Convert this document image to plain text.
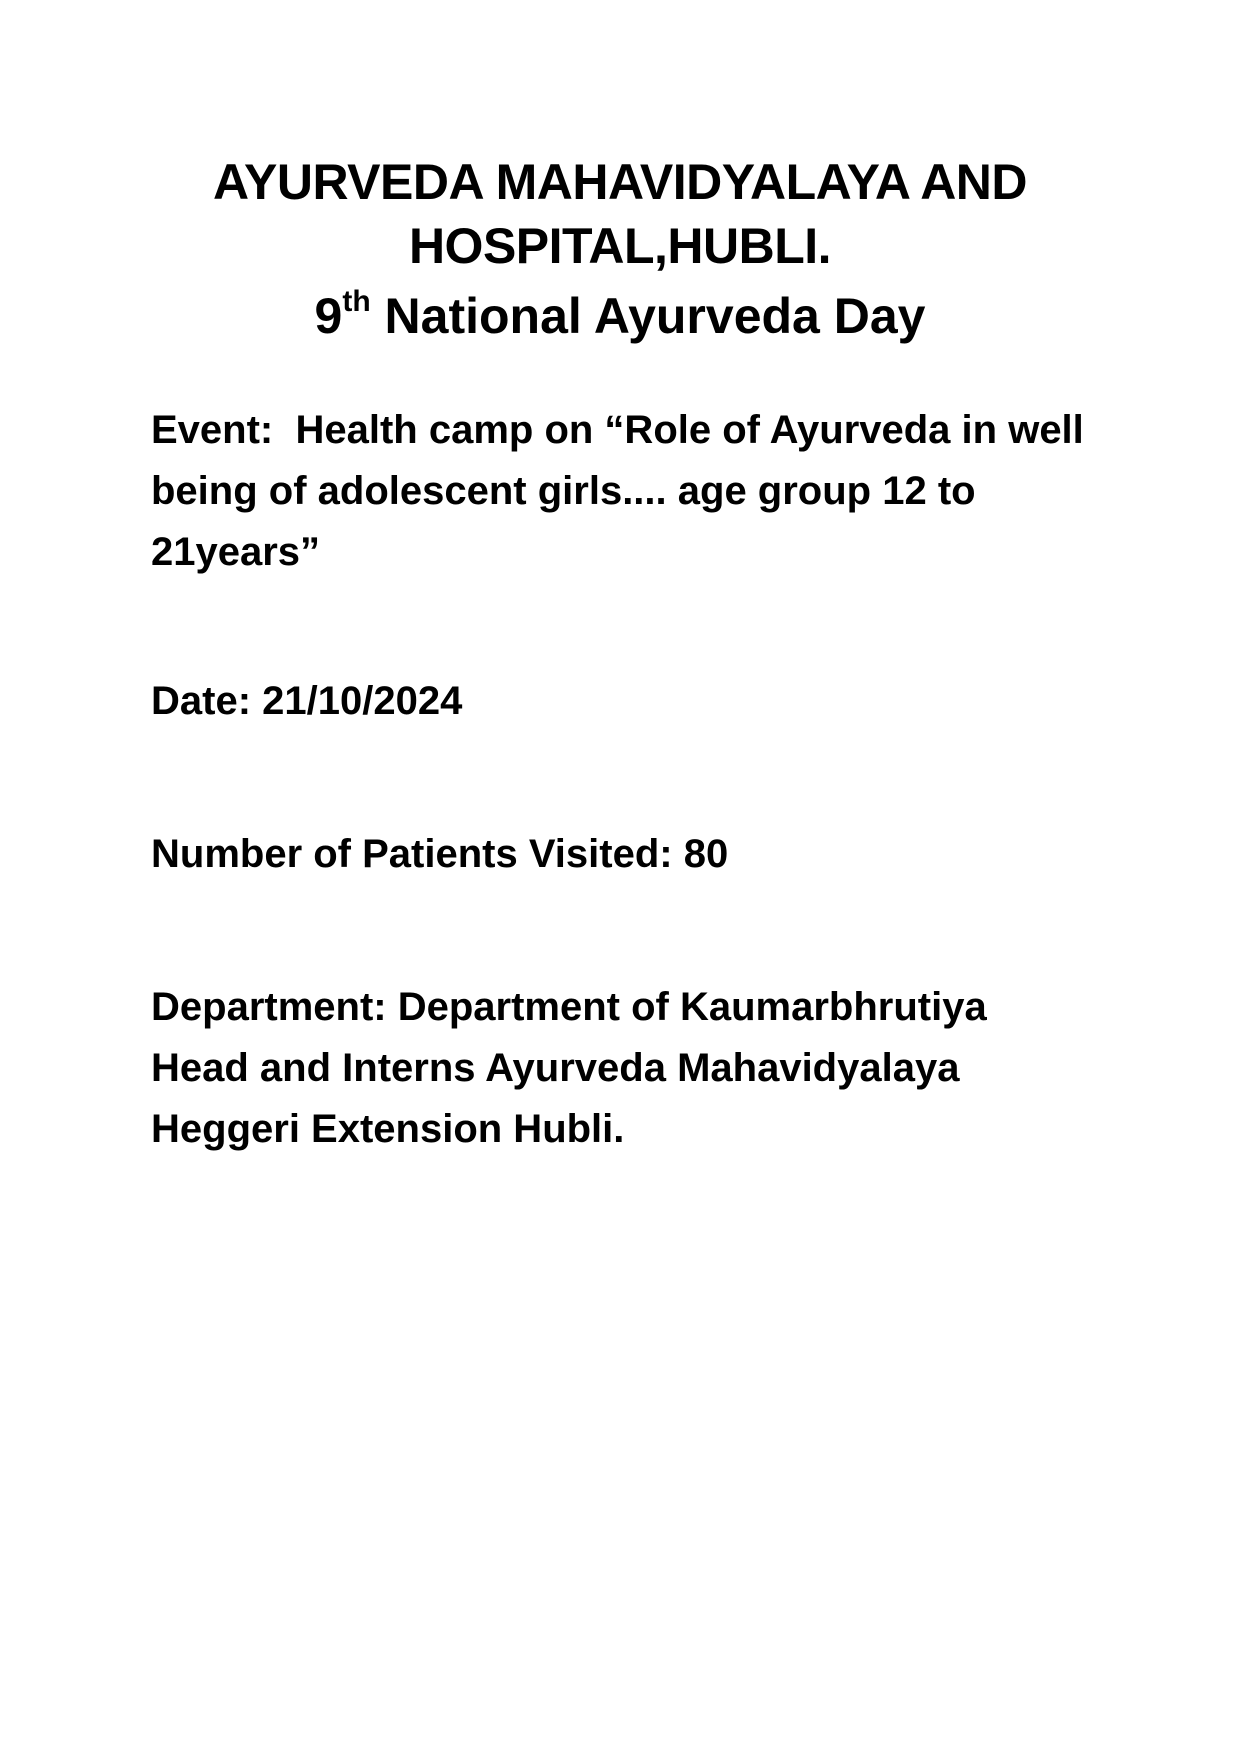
AYURVEDA MAHAVIDYALAYA AND
HOSPITAL,HUBLI.

9th National Ayurveda Day

Event: Health camp on “Role of Ayurveda in well being of adolescent girls.... age group 12 to 21years”

Date: 21/10/2024

Number of Patients Visited: 80

Department: Department of Kaumarbhrutiya Head and Interns Ayurveda Mahavidyalaya Heggeri Extension Hubli.
